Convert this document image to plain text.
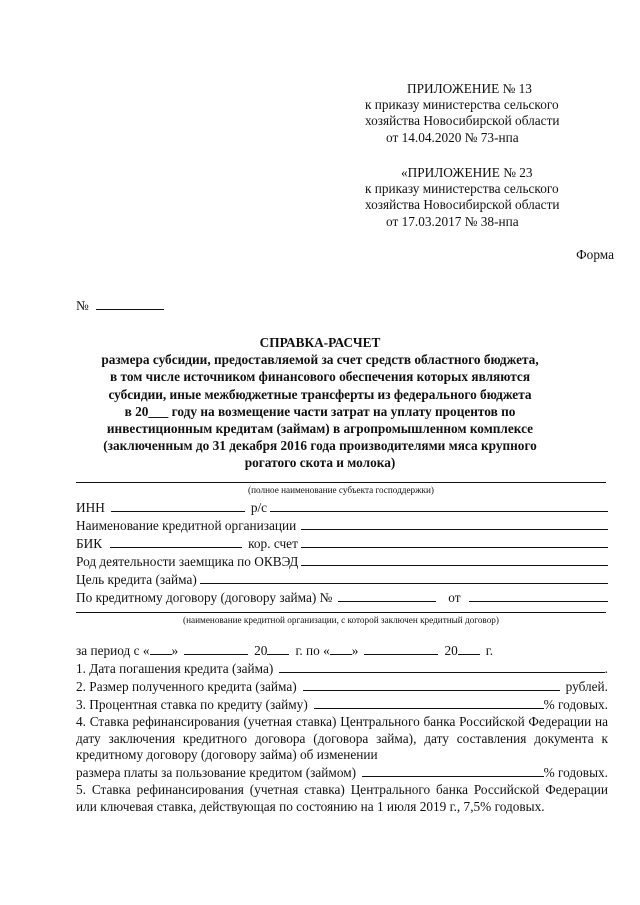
ПРИЛОЖЕНИЕ № 13
к приказу министерства сельского
хозяйства Новосибирской области
от 14.04.2020 № 73-нпа
«ПРИЛОЖЕНИЕ № 23
к приказу министерства сельского
хозяйства Новосибирской области
от 17.03.2017 № 38-нпа
Форма
№
СПРАВКА-РАСЧЕТ
размера субсидии, предоставляемой за счет средств областного бюджета,
в том числе источником финансового обеспечения которых являются
субсидии, иные межбюджетные трансферты из федерального бюджета
в 20___ году на возмещение части затрат на уплату процентов по
инвестиционным кредитам (займам) в агропромышленном комплексе
(заключенным до 31 декабря 2016 года производителями мяса крупного
рогатого скота и молока)
(полное наименование субъекта господдержки)
ИНН	р/с
Наименование кредитной организации
БИК	кор. счет
Род деятельности заемщика по ОКВЭД
Цель кредита (займа)
По кредитному договору (договору займа) №	от
(наименование кредитной организации, с которой заключен кредитный договор)
за период с « »	20 г. по « »	20 г.
1. Дата погашения кредита (займа)	.
2. Размер полученного кредита (займа)	рублей.
3. Процентная ставка по кредиту (займу)	% годовых.
4. Ставка рефинансирования (учетная ставка) Центрального банка Российской Федерации на дату заключения кредитного договора (договора займа), дату составления документа к кредитному договору (договору займа) об изменении
размера платы за пользование кредитом (займом)	% годовых.
5. Ставка рефинансирования (учетная ставка) Центрального банка Российской Федерации или ключевая ставка, действующая по состоянию на 1 июля 2019 г., 7,5% годовых.
